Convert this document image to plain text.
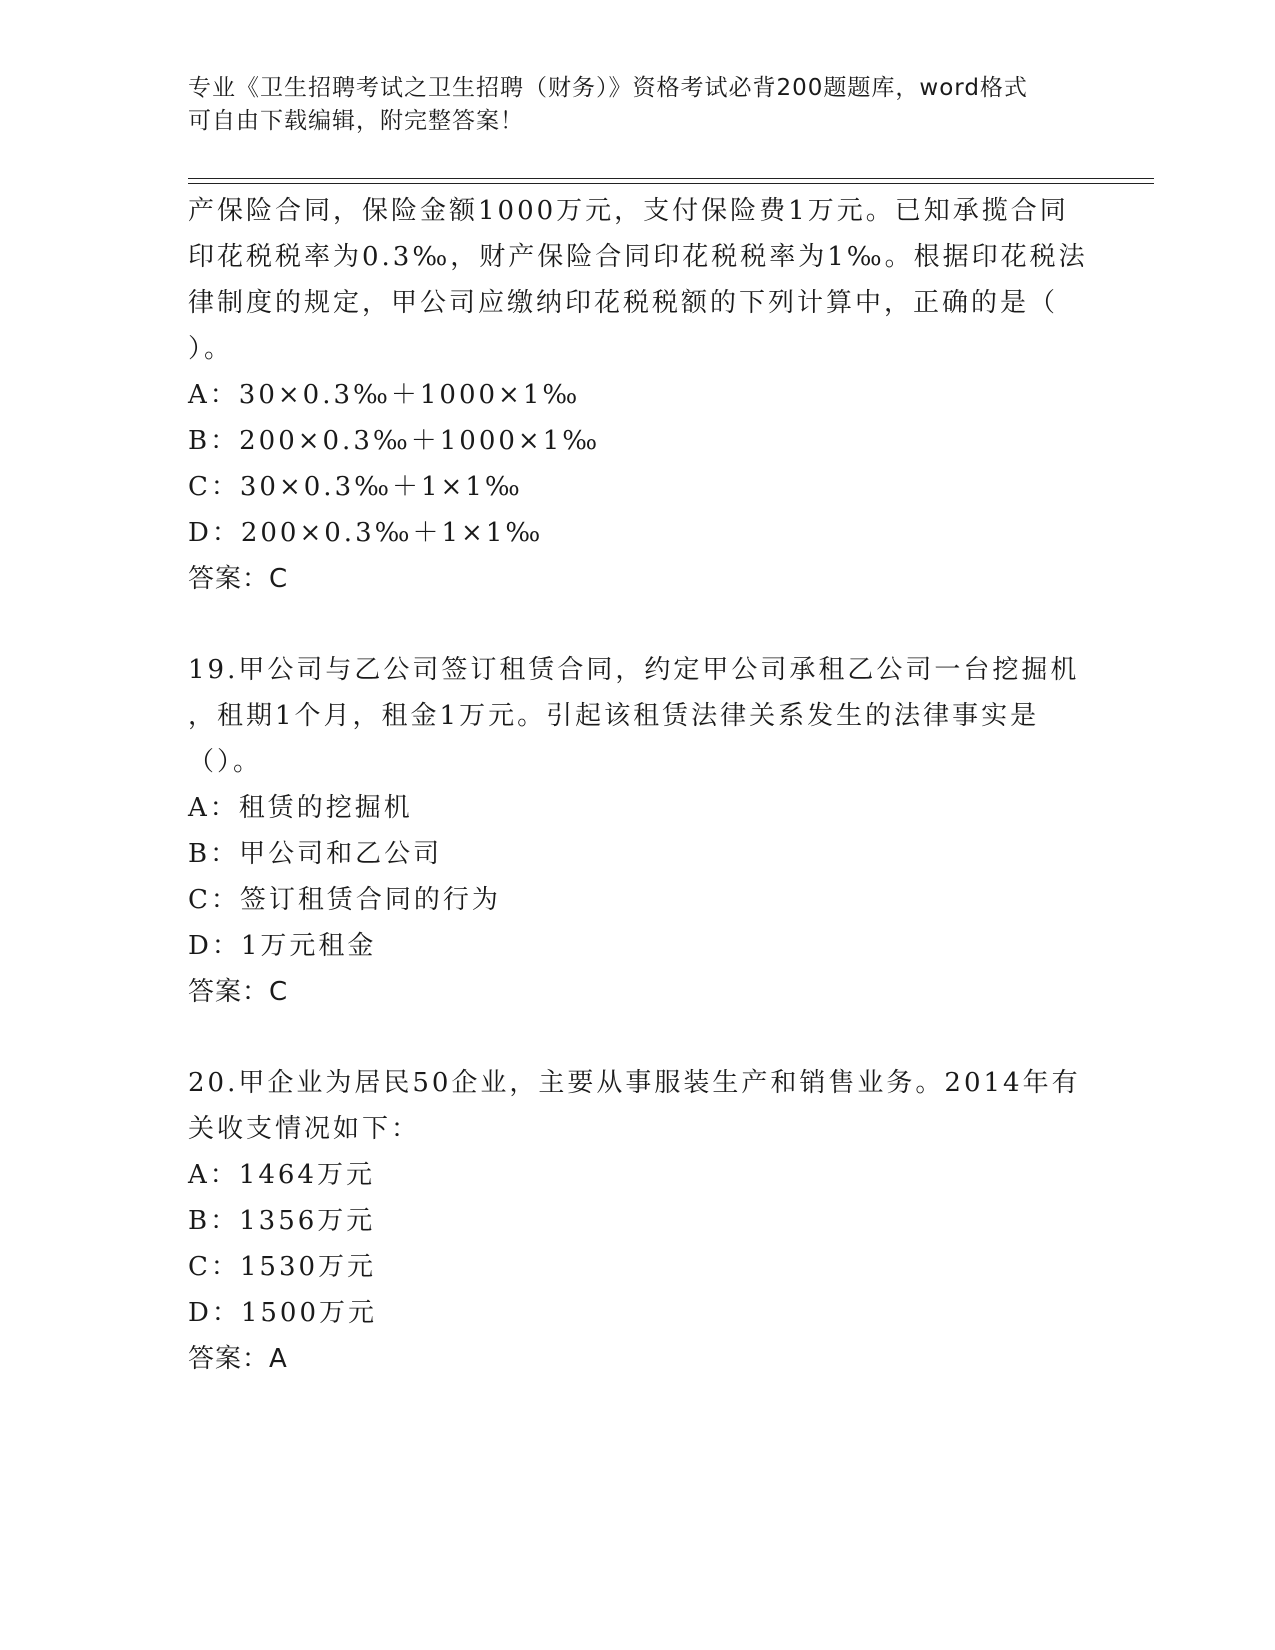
专业《卫生招聘考试之卫生招聘（财务）》资格考试必背200题题库，word格式
可自由下载编辑，附完整答案！
产保险合同，保险金额1000万元，支付保险费1万元。已知承揽合同
印花税税率为0.3‰，财产保险合同印花税税率为1‰。根据印花税法
律制度的规定，甲公司应缴纳印花税税额的下列计算中，正确的是（
）。
A：30×0.3‰＋1000×1‰
B：200×0.3‰＋1000×1‰
C：30×0.3‰＋1×1‰
D：200×0.3‰＋1×1‰
答案：C
19.甲公司与乙公司签订租赁合同，约定甲公司承租乙公司一台挖掘机
，租期1个月，租金1万元。引起该租赁法律关系发生的法律事实是
（）。
A：租赁的挖掘机
B：甲公司和乙公司
C：签订租赁合同的行为
D：1万元租金
答案：C
20.甲企业为居民50企业，主要从事服装生产和销售业务。2014年有
关收支情况如下：
A：1464万元
B：1356万元
C：1530万元
D：1500万元
答案：A
